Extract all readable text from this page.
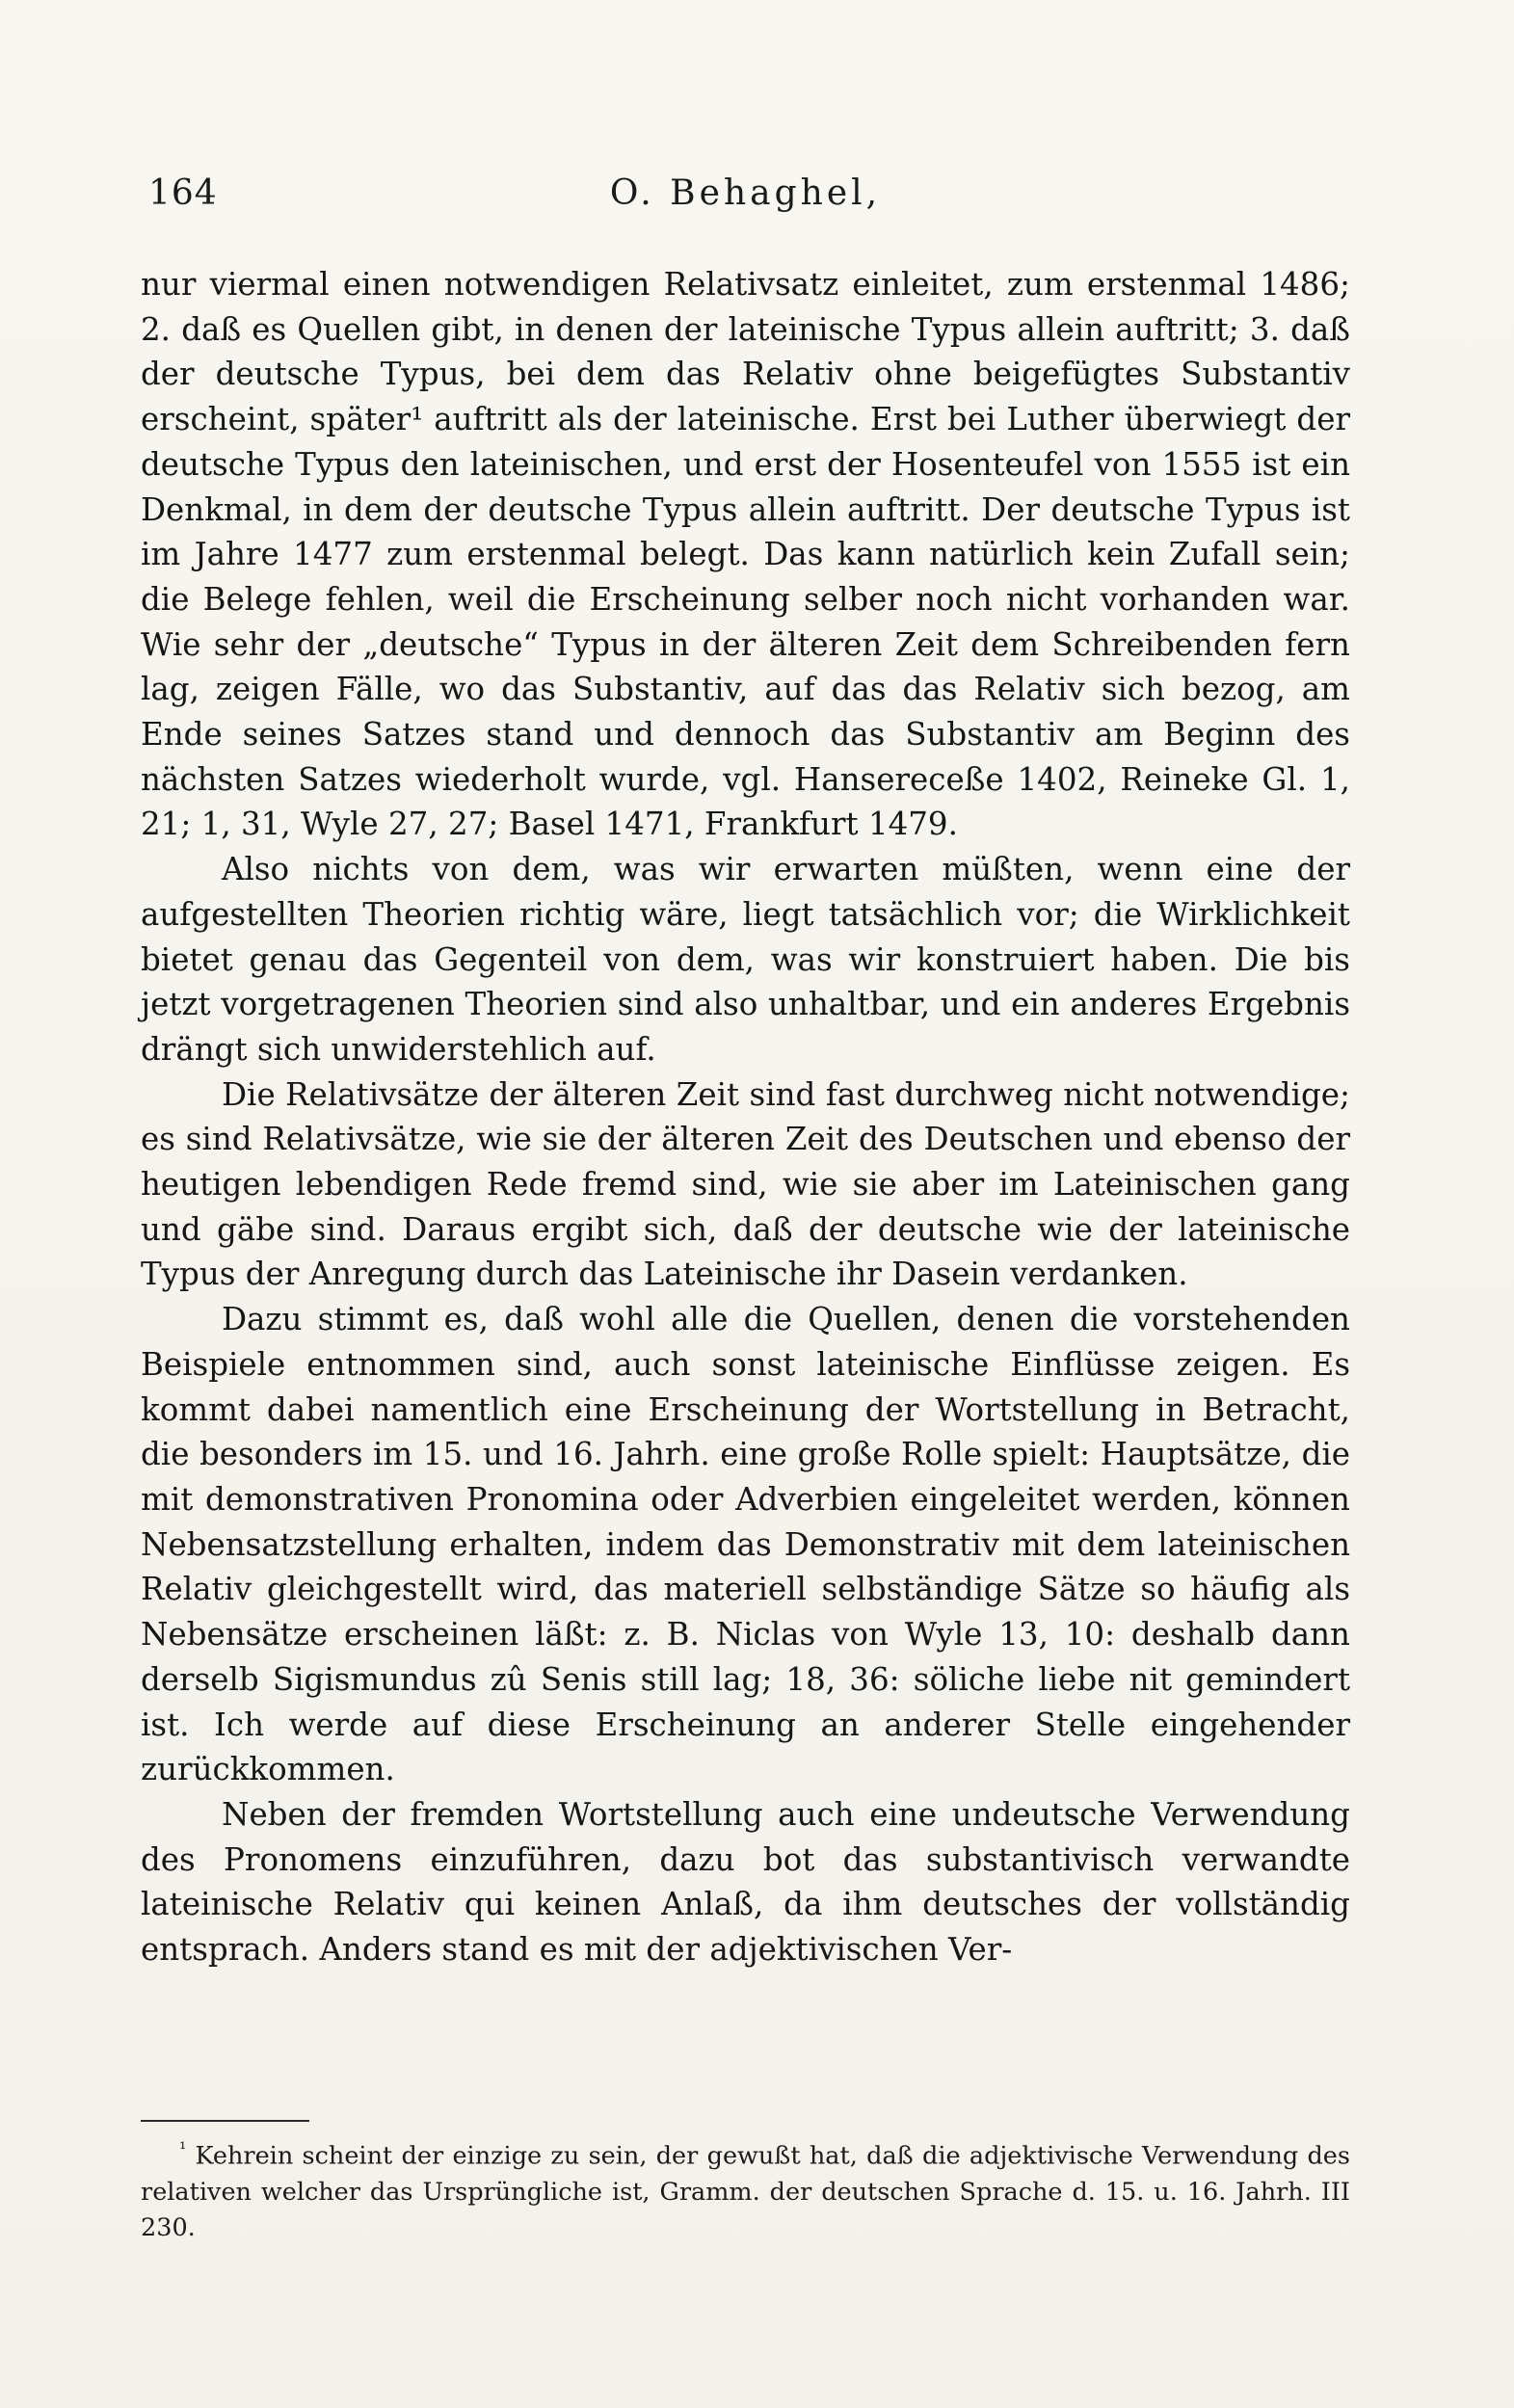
164	O. Behaghel,

nur viermal einen notwendigen Relativsatz einleitet, zum erstenmal 1486; 2. daß es Quellen gibt, in denen der lateinische Typus allein auftritt; 3. daß der deutsche Typus, bei dem das Relativ ohne beigefügtes Substantiv erscheint, später¹ auftritt als der lateinische. Erst bei Luther überwiegt der deutsche Typus den lateinischen, und erst der Hosenteufel von 1555 ist ein Denkmal, in dem der deutsche Typus allein auftritt. Der deutsche Typus ist im Jahre 1477 zum erstenmal belegt. Das kann natürlich kein Zufall sein; die Belege fehlen, weil die Erscheinung selber noch nicht vorhanden war. Wie sehr der „deutsche“ Typus in der älteren Zeit dem Schreibenden fern lag, zeigen Fälle, wo das Substantiv, auf das das Relativ sich bezog, am Ende seines Satzes stand und dennoch das Substantiv am Beginn des nächsten Satzes wiederholt wurde, vgl. Hansereceße 1402, Reineke Gl. 1, 21; 1, 31, Wyle 27, 27; Basel 1471, Frankfurt 1479.

Also nichts von dem, was wir erwarten müßten, wenn eine der aufgestellten Theorien richtig wäre, liegt tatsächlich vor; die Wirklichkeit bietet genau das Gegenteil von dem, was wir konstruiert haben. Die bis jetzt vorgetragenen Theorien sind also unhaltbar, und ein anderes Ergebnis drängt sich unwiderstehlich auf.

Die Relativsätze der älteren Zeit sind fast durchweg nicht notwendige; es sind Relativsätze, wie sie der älteren Zeit des Deutschen und ebenso der heutigen lebendigen Rede fremd sind, wie sie aber im Lateinischen gang und gäbe sind. Daraus ergibt sich, daß der deutsche wie der lateinische Typus der Anregung durch das Lateinische ihr Dasein verdanken.

Dazu stimmt es, daß wohl alle die Quellen, denen die vorstehenden Beispiele entnommen sind, auch sonst lateinische Einflüsse zeigen. Es kommt dabei namentlich eine Erscheinung der Wortstellung in Betracht, die besonders im 15. und 16. Jahrh. eine große Rolle spielt: Hauptsätze, die mit demonstrativen Pronomina oder Adverbien eingeleitet werden, können Nebensatzstellung erhalten, indem das Demonstrativ mit dem lateinischen Relativ gleichgestellt wird, das materiell selbständige Sätze so häufig als Nebensätze erscheinen läßt: z. B. Niclas von Wyle 13, 10: deshalb dann derselb Sigismundus zû Senis still lag; 18, 36: söliche liebe nit gemindert ist. Ich werde auf diese Erscheinung an anderer Stelle eingehender zurückkommen.

Neben der fremden Wortstellung auch eine undeutsche Verwendung des Pronomens einzuführen, dazu bot das substantivisch verwandte lateinische Relativ qui keinen Anlaß, da ihm deutsches der vollständig entsprach. Anders stand es mit der adjektivischen Ver-

$^{^1}$ Kehrein scheint der einzige zu sein, der gewußt hat, daß die adjektivische Verwendung des relativen welcher das Ursprüngliche ist, Gramm. der deutschen Sprache d. 15. u. 16. Jahrh. III 230.
